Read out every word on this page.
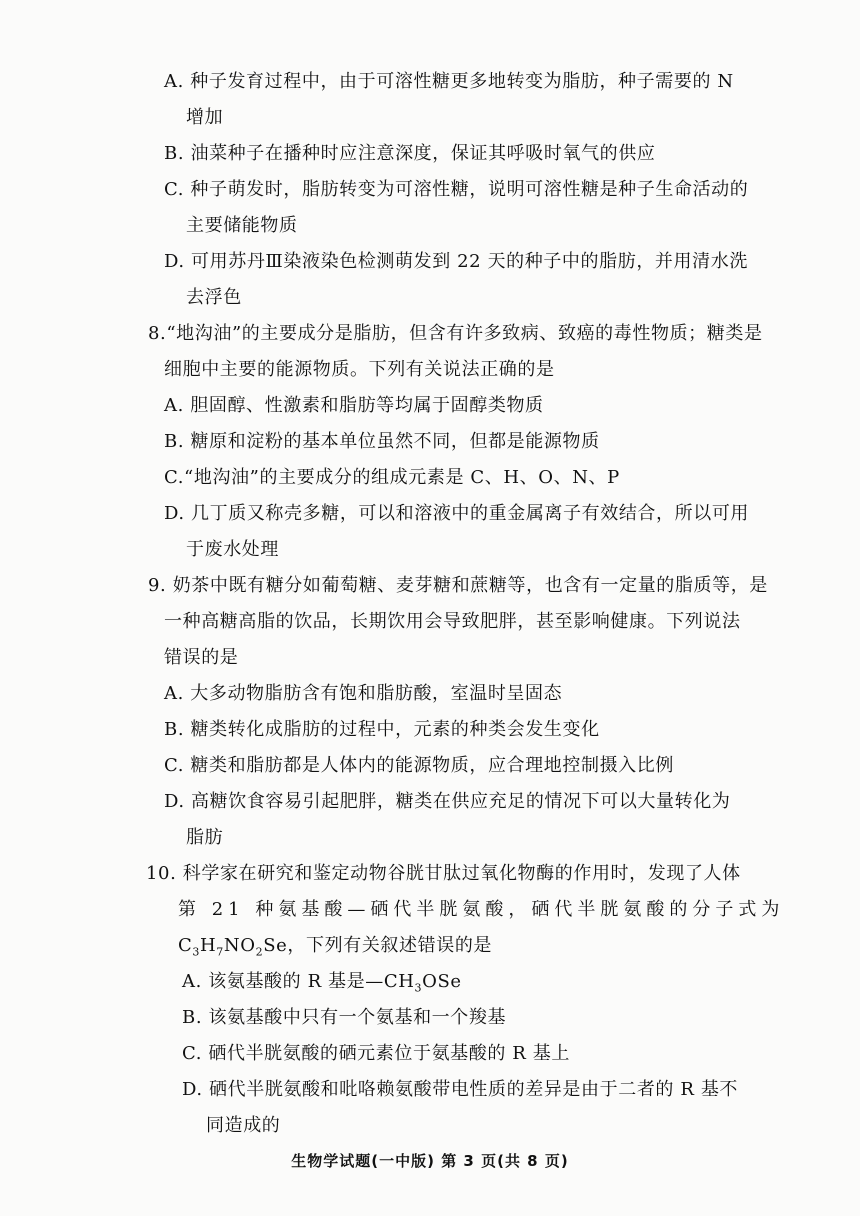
A. 种子发育过程中，由于可溶性糖更多地转变为脂肪，种子需要的 N
增加
B. 油菜种子在播种时应注意深度，保证其呼吸时氧气的供应
C. 种子萌发时，脂肪转变为可溶性糖，说明可溶性糖是种子生命活动的
主要储能物质
D. 可用苏丹Ⅲ染液染色检测萌发到 22 天的种子中的脂肪，并用清水洗
去浮色
8.“地沟油”的主要成分是脂肪，但含有许多致病、致癌的毒性物质；糖类是
细胞中主要的能源物质。下列有关说法正确的是
A. 胆固醇、性激素和脂肪等均属于固醇类物质
B. 糖原和淀粉的基本单位虽然不同，但都是能源物质
C.“地沟油”的主要成分的组成元素是 C、H、O、N、P
D. 几丁质又称壳多糖，可以和溶液中的重金属离子有效结合，所以可用
于废水处理
9. 奶茶中既有糖分如葡萄糖、麦芽糖和蔗糖等，也含有一定量的脂质等，是
一种高糖高脂的饮品，长期饮用会导致肥胖，甚至影响健康。下列说法
错误的是
A. 大多动物脂肪含有饱和脂肪酸，室温时呈固态
B. 糖类转化成脂肪的过程中，元素的种类会发生变化
C. 糖类和脂肪都是人体内的能源物质，应合理地控制摄入比例
D. 高糖饮食容易引起肥胖，糖类在供应充足的情况下可以大量转化为
脂肪
10. 科学家在研究和鉴定动物谷胱甘肽过氧化物酶的作用时，发现了人体
第 21 种氨基酸—硒代半胱氨酸，硒代半胱氨酸的分子式为
$C_3H_7NO_2Se$，下列有关叙述错误的是
A. 该氨基酸的 R 基是$—CH_3OSe$
B. 该氨基酸中只有一个氨基和一个羧基
C. 硒代半胱氨酸的硒元素位于氨基酸的 R 基上
D. 硒代半胱氨酸和吡咯赖氨酸带电性质的差异是由于二者的 R 基不
同造成的
生物学试题(一中版) 第 3 页(共 8 页)
